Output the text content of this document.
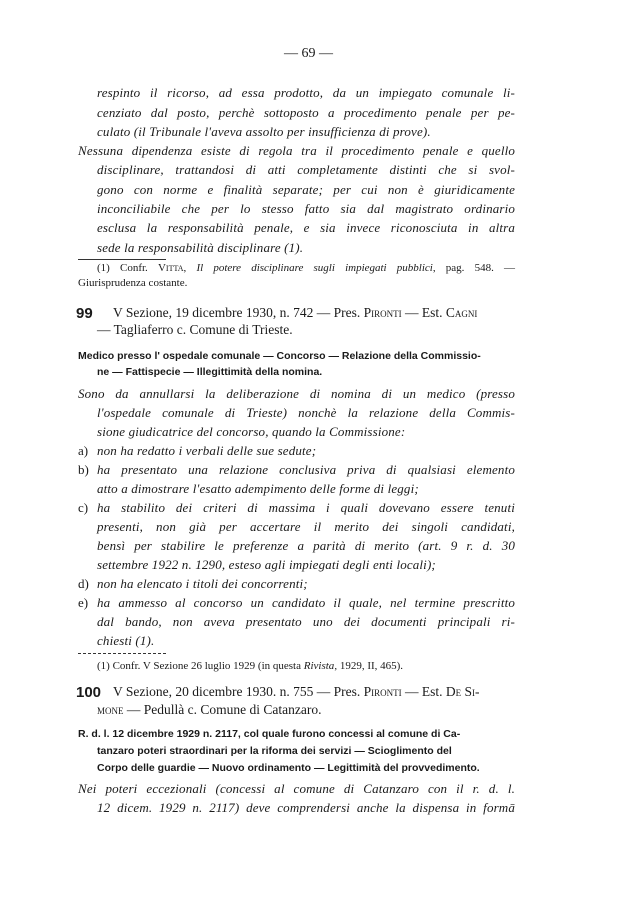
— 69 —
respinto il ricorso, ad essa prodotto, da un impiegato comunale li-
cenziato dal posto, perchè sottoposto a procedimento penale per pe-
culato (il Tribunale l'aveva assolto per insufficienza di prove).
Nessuna dipendenza esiste di regola tra il procedimento penale e quello
disciplinare, trattandosi di atti completamente distinti che si svol-
gono con norme e finalità separate; per cui non è giuridicamente
inconciliabile che per lo stesso fatto sia dal magistrato ordinario
esclusa la responsabilità penale, e sia invece riconosciuta in altra
sede la responsabilità disciplinare (1).
(1) Confr. Vitta, Il potere disciplinare sugli impiegati pubblici, pag. 548. —
Giurisprudenza costante.
99 V Sezione, 19 dicembre 1930, n. 742 — Pres. Pironti — Est. Cagni
— Tagliaferro c. Comune di Trieste.
Medico presso l' ospedale comunale — Concorso — Relazione della Commissio-
ne — Fattispecie — Illegittimità della nomina.
Sono da annullarsi la deliberazione di nomina di un medico (presso
l'ospedale comunale di Trieste) nonchè la relazione della Commis-
sione giudicatrice del concorso, quando la Commissione:
a) non ha redatto i verbali delle sue sedute;
b) ha presentato una relazione conclusiva priva di qualsiasi elemento
atto a dimostrare l'esatto adempimento delle forme di leggi;
c) ha stabilito dei criteri di massima i quali dovevano essere tenuti
presenti, non già per accertare il merito dei singoli candidati,
bensì per stabilire le preferenze a parità di merito (art. 9 r. d. 30
settembre 1922 n. 1290, esteso agli impiegati degli enti locali);
d) non ha elencato i titoli dei concorrenti;
e) ha ammesso al concorso un candidato il quale, nel termine prescritto
dal bando, non aveva presentato uno dei documenti principali ri-
chiesti (1).
(1) Confr. V Sezione 26 luglio 1929 (in questa Rivista, 1929, II, 465).
100 V Sezione, 20 dicembre 1930. n. 755 — Pres. Pironti — Est. De Si-
mone — Pedullà c. Comune di Catanzaro.
R. d. l. 12 dicembre 1929 n. 2117, col quale furono concessi al comune di Ca-
tanzaro poteri straordinari per la riforma dei servizi — Scioglimento del
Corpo delle guardie — Nuovo ordinamento — Legittimità del provvedimento.
Nei poteri eccezionali (concessi al comune di Catanzaro con il r. d. l.
12 dicem. 1929 n. 2117) deve comprendersi anche la dispensa in formā
